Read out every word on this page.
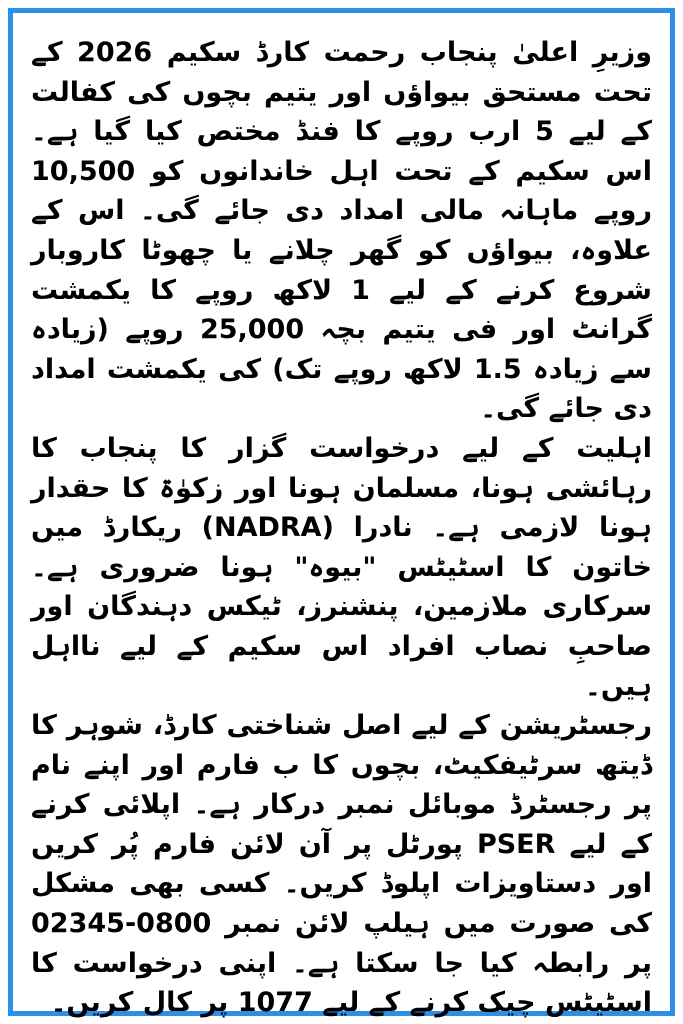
وزیرِ اعلیٰ پنجاب رحمت کارڈ سکیم 2026 کے تحت مستحق بیواؤں اور یتیم بچوں کی کفالت کے لیے 5 ارب روپے کا فنڈ مختص کیا گیا ہے۔ اس سکیم کے تحت اہل خاندانوں کو 10,500 روپے ماہانہ مالی امداد دی جائے گی۔ اس کے علاوہ، بیواؤں کو گھر چلانے یا چھوٹا کاروبار شروع کرنے کے لیے 1 لاکھ روپے کا یکمشت گرانٹ اور فی یتیم بچہ 25,000 روپے (زیادہ سے زیادہ 1.5 لاکھ روپے تک) کی یکمشت امداد دی جائے گی۔

اہلیت کے لیے درخواست گزار کا پنجاب کا رہائشی ہونا، مسلمان ہونا اور زکوٰۃ کا حقدار ہونا لازمی ہے۔ نادرا (NADRA) ریکارڈ میں خاتون کا اسٹیٹس "بیوہ" ہونا ضروری ہے۔ سرکاری ملازمین، پنشنرز، ٹیکس دہندگان اور صاحبِ نصاب افراد اس سکیم کے لیے نااہل ہیں۔

رجسٹریشن کے لیے اصل شناختی کارڈ، شوہر کا ڈیتھ سرٹیفکیٹ، بچوں کا ب فارم اور اپنے نام پر رجسٹرڈ موبائل نمبر درکار ہے۔ اپلائی کرنے کے لیے PSER پورٹل پر آن لائن فارم پُر کریں اور دستاویزات اپلوڈ کریں۔ کسی بھی مشکل کی صورت میں ہیلپ لائن نمبر 0800-02345 پر رابطہ کیا جا سکتا ہے۔ اپنی درخواست کا اسٹیٹس چیک کرنے کے لیے 1077 پر کال کریں۔
